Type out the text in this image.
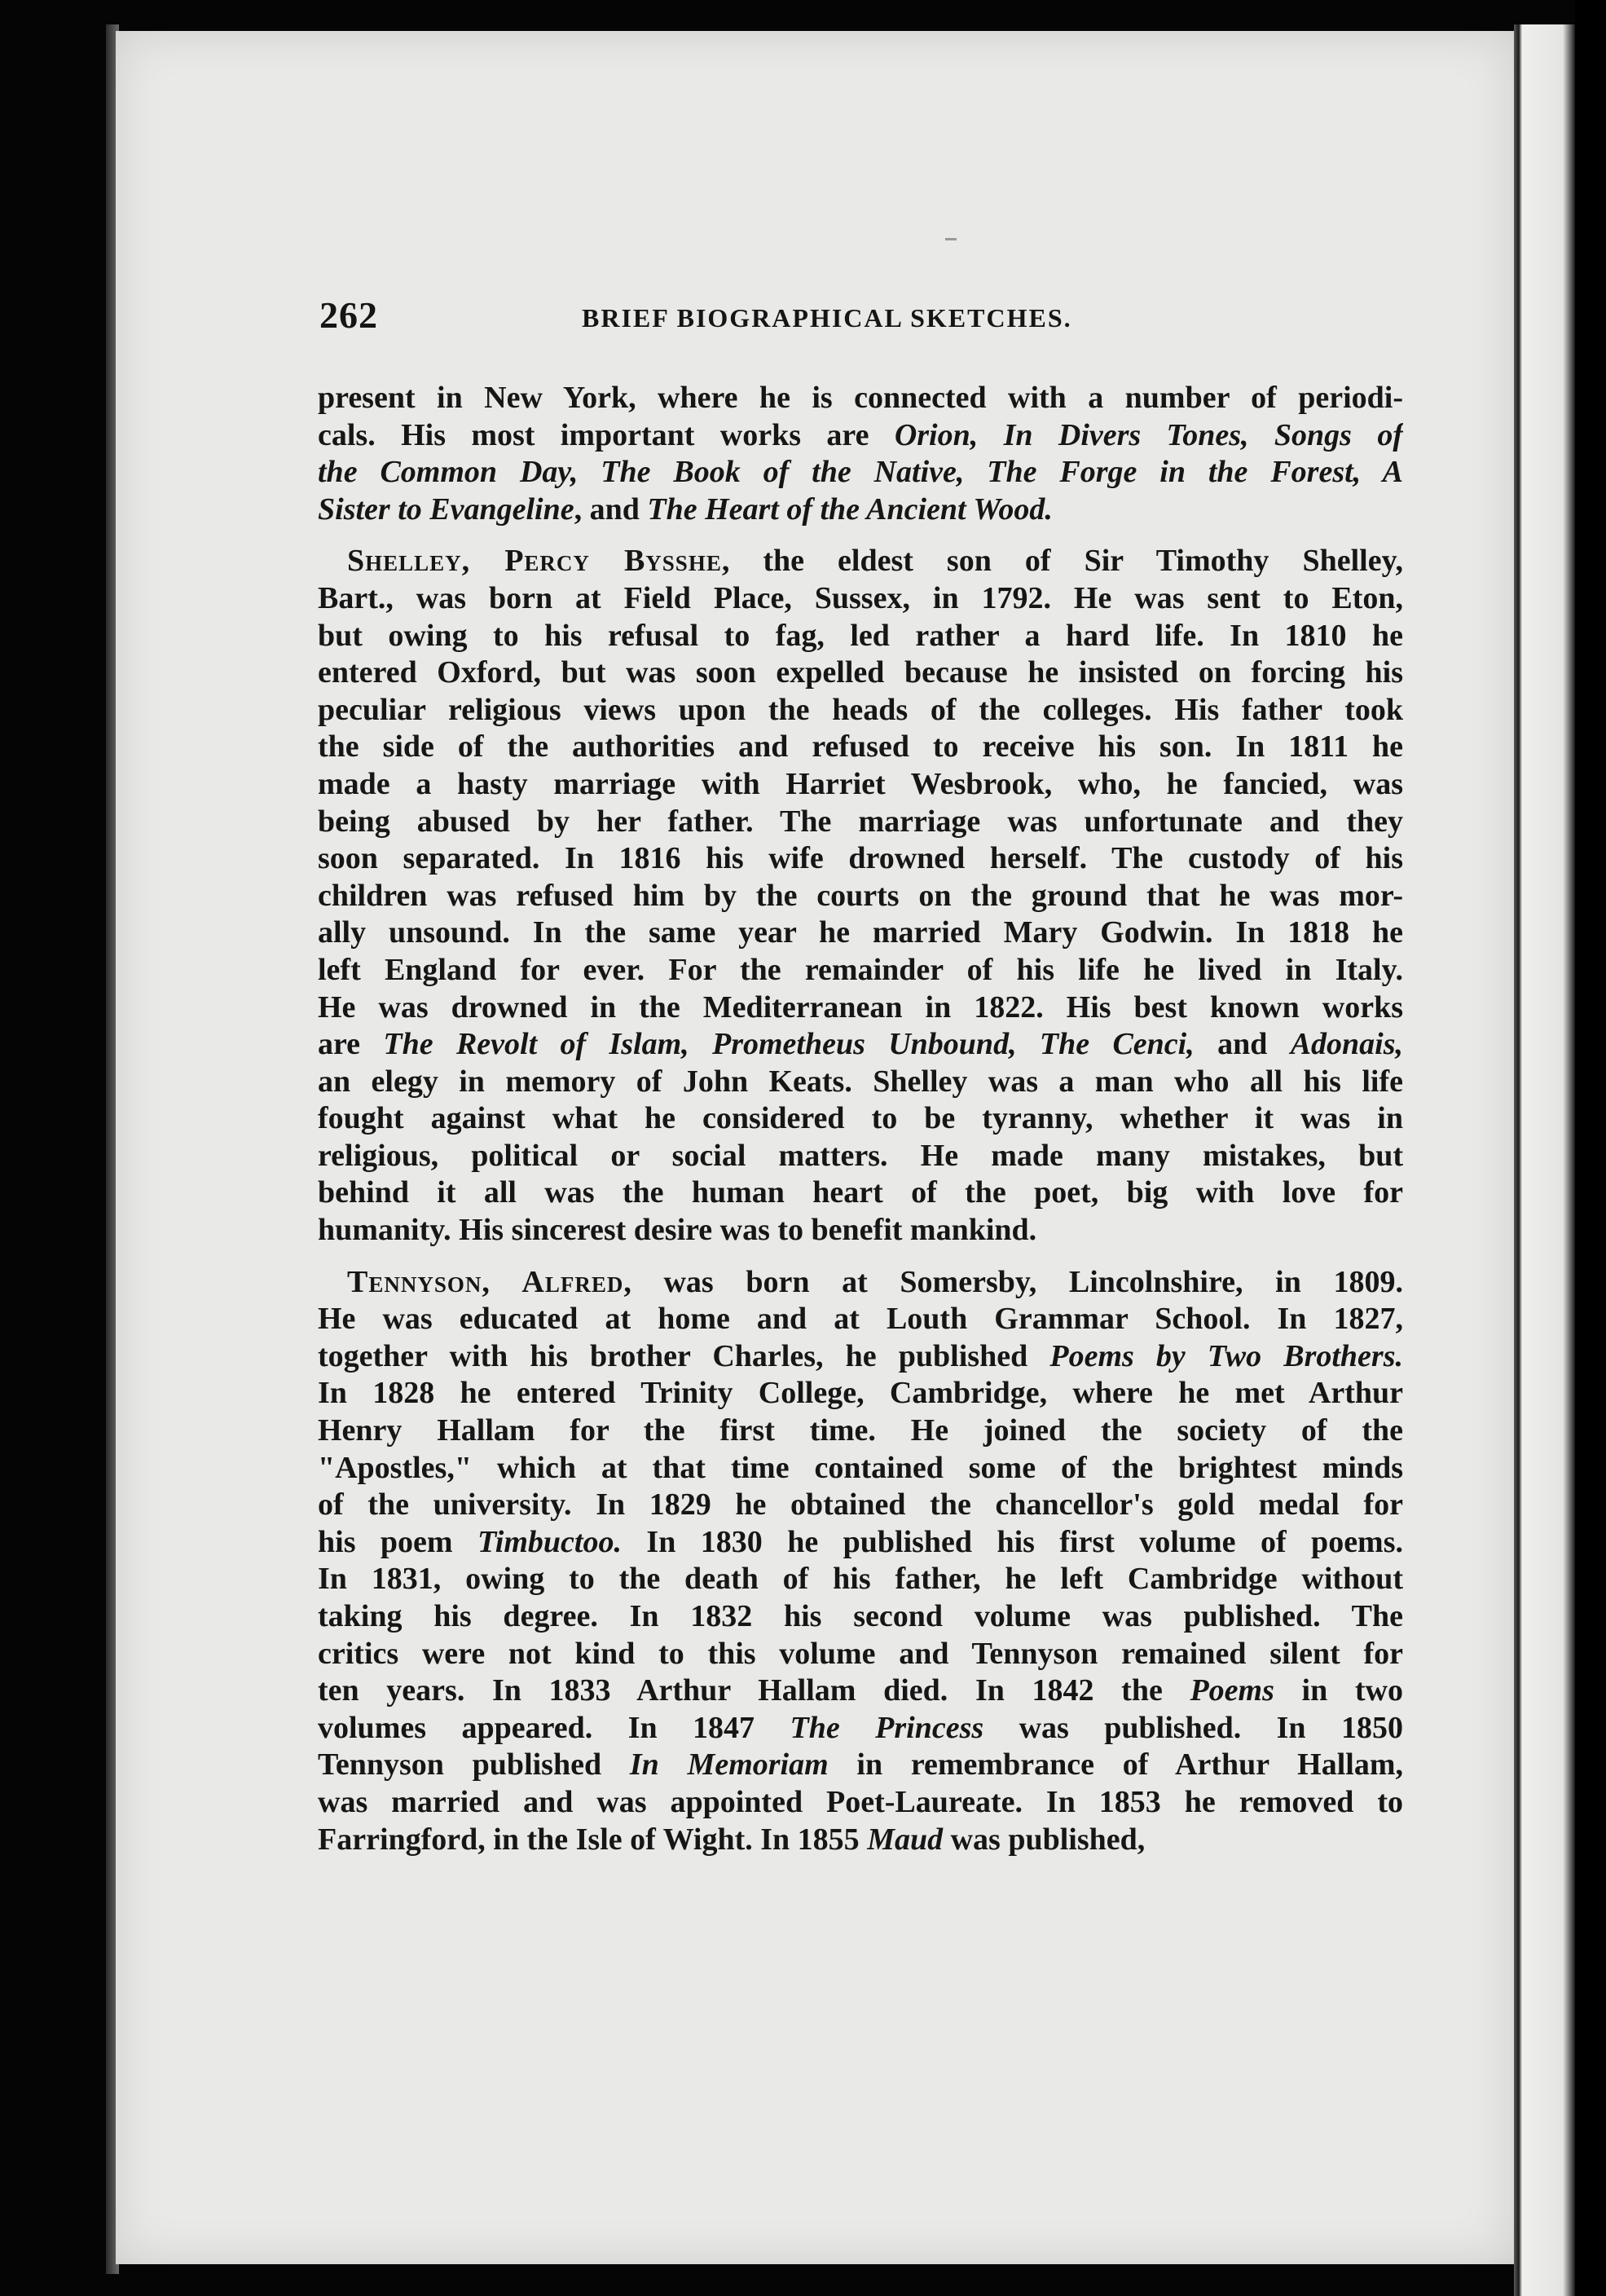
262	BRIEF BIOGRAPHICAL SKETCHES.
present in New York, where he is connected with a number of periodi-
cals. His most important works are Orion, In Divers Tones, Songs of
the Common Day, The Book of the Native, The Forge in the Forest, A
Sister to Evangeline, and The Heart of the Ancient Wood.
Shelley, Percy Bysshe, the eldest son of Sir Timothy Shelley,
Bart., was born at Field Place, Sussex, in 1792. He was sent to Eton,
but owing to his refusal to fag, led rather a hard life. In 1810 he
entered Oxford, but was soon expelled because he insisted on forcing his
peculiar religious views upon the heads of the colleges. His father took
the side of the authorities and refused to receive his son. In 1811 he
made a hasty marriage with Harriet Wesbrook, who, he fancied, was
being abused by her father. The marriage was unfortunate and they
soon separated. In 1816 his wife drowned herself. The custody of his
children was refused him by the courts on the ground that he was mor-
ally unsound. In the same year he married Mary Godwin. In 1818 he
left England for ever. For the remainder of his life he lived in Italy.
He was drowned in the Mediterranean in 1822. His best known works
are The Revolt of Islam, Prometheus Unbound, The Cenci, and Adonais,
an elegy in memory of John Keats. Shelley was a man who all his life
fought against what he considered to be tyranny, whether it was in
religious, political or social matters. He made many mistakes, but
behind it all was the human heart of the poet, big with love for
humanity. His sincerest desire was to benefit mankind.
Tennyson, Alfred, was born at Somersby, Lincolnshire, in 1809.
He was educated at home and at Louth Grammar School. In 1827,
together with his brother Charles, he published Poems by Two Brothers.
In 1828 he entered Trinity College, Cambridge, where he met Arthur
Henry Hallam for the first time. He joined the society of the
"Apostles," which at that time contained some of the brightest minds
of the university. In 1829 he obtained the chancellor's gold medal for
his poem Timbuctoo. In 1830 he published his first volume of poems.
In 1831, owing to the death of his father, he left Cambridge without
taking his degree. In 1832 his second volume was published. The
critics were not kind to this volume and Tennyson remained silent for
ten years. In 1833 Arthur Hallam died. In 1842 the Poems in two
volumes appeared. In 1847 The Princess was published. In 1850
Tennyson published In Memoriam in remembrance of Arthur Hallam,
was married and was appointed Poet-Laureate. In 1853 he removed to
Farringford, in the Isle of Wight. In 1855 Maud was published,
